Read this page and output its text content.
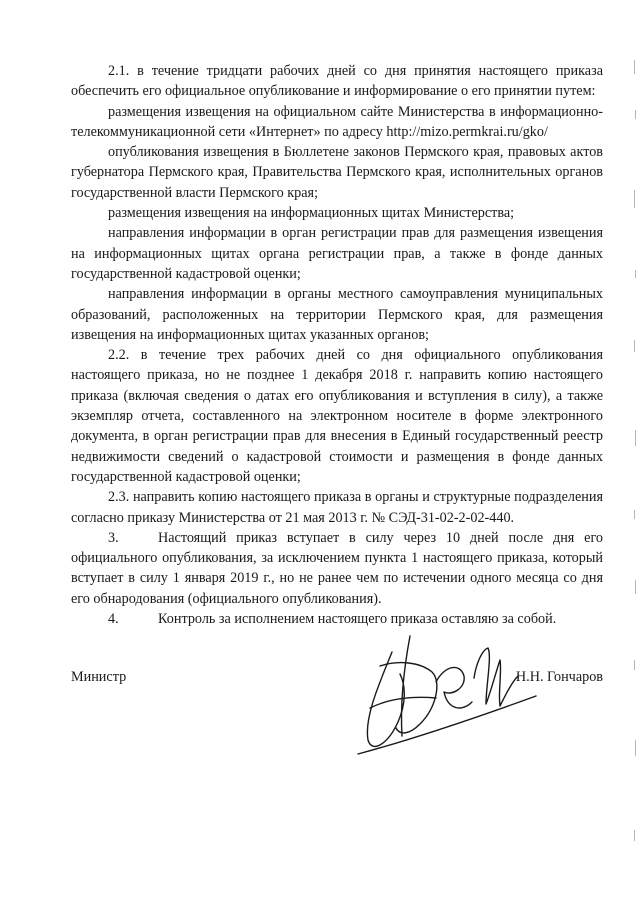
2.1. в течение тридцати рабочих дней со дня принятия настоящего приказа обеспечить его официальное опубликование и информирование о его принятии путем:

размещения извещения на официальном сайте Министерства в информационно-телекоммуникационной сети «Интернет» по адресу http://mizo.permkrai.ru/gko/

опубликования извещения в Бюллетене законов Пермского края, правовых актов губернатора Пермского края, Правительства Пермского края, исполнительных органов государственной власти Пермского края;

размещения извещения на информационных щитах Министерства;

направления информации в орган регистрации прав для размещения извещения на информационных щитах органа регистрации прав, а также в фонде данных государственной кадастровой оценки;

направления информации в органы местного самоуправления муниципальных образований, расположенных на территории Пермского края, для размещения извещения на информационных щитах указанных органов;

2.2. в течение трех рабочих дней со дня официального опубликования настоящего приказа, но не позднее 1 декабря 2018 г. направить копию настоящего приказа (включая сведения о датах его опубликования и вступления в силу), а также экземпляр отчета, составленного на электронном носителе в форме электронного документа, в орган регистрации прав для внесения в Единый государственный реестр недвижимости сведений о кадастровой стоимости и размещения в фонде данных государственной кадастровой оценки;

2.3. направить копию настоящего приказа в органы и структурные подразделения согласно приказу Министерства от 21 мая 2013 г. № СЭД-31-02-2-02-440.

3.	Настоящий приказ вступает в силу через 10 дней после дня его официального опубликования, за исключением пункта 1 настоящего приказа, который вступает в силу 1 января 2019 г., но не ранее чем по истечении одного месяца со дня его обнародования (официального опубликования).

4.	Контроль за исполнением настоящего приказа оставляю за собой.

Министр	Н.Н. Гончаров
